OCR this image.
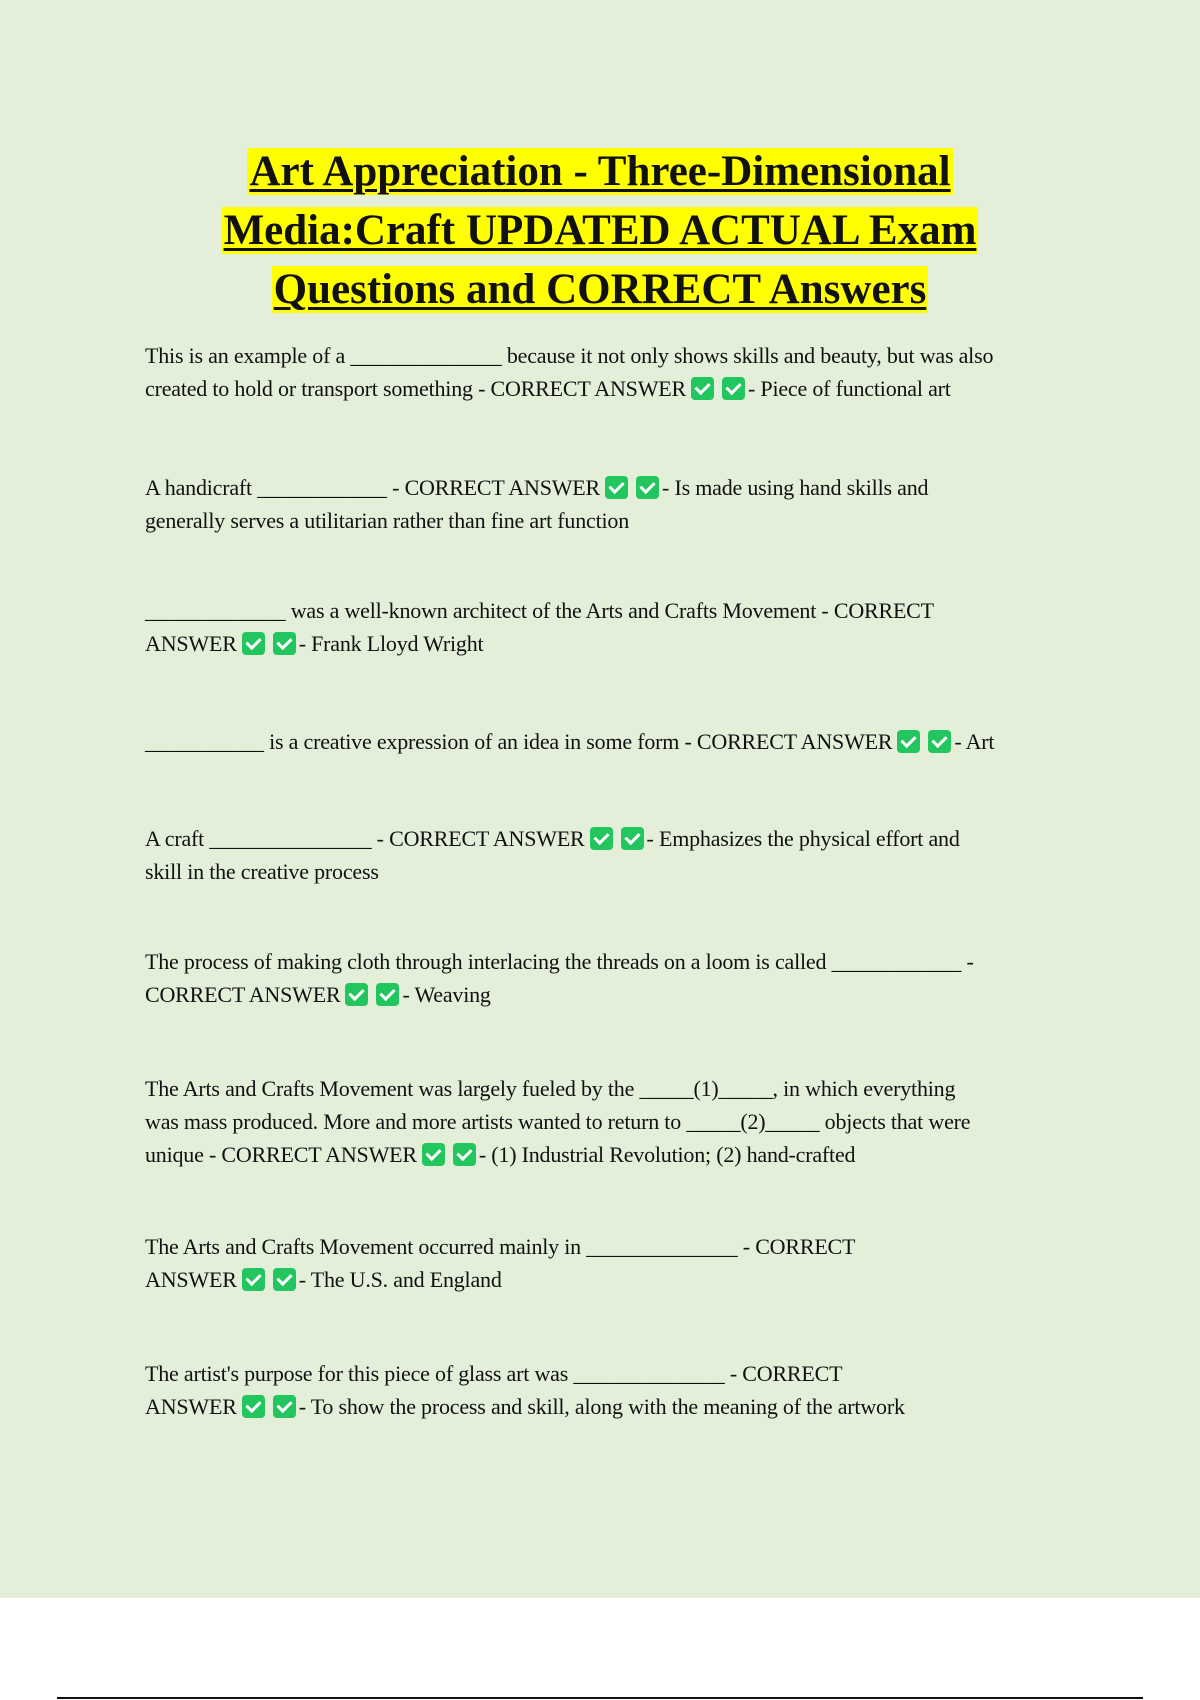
Art Appreciation - Three-Dimensional
Media:Craft UPDATED ACTUAL Exam
Questions and CORRECT Answers

This is an example of a ______________ because it not only shows skills and beauty, but was also
created to hold or transport something - CORRECT ANSWER	- Piece of functional art

A handicraft ____________ - CORRECT ANSWER	- Is made using hand skills and
generally serves a utilitarian rather than fine art function

_____________ was a well-known architect of the Arts and Crafts Movement - CORRECT
ANSWER	- Frank Lloyd Wright

___________ is a creative expression of an idea in some form - CORRECT ANSWER	- Art

A craft _______________ - CORRECT ANSWER	- Emphasizes the physical effort and
skill in the creative process

The process of making cloth through interlacing the threads on a loom is called ____________ -
CORRECT ANSWER	- Weaving

The Arts and Crafts Movement was largely fueled by the _____(1)_____, in which everything
was mass produced. More and more artists wanted to return to _____(2)_____ objects that were
unique - CORRECT ANSWER	- (1) Industrial Revolution; (2) hand-crafted

The Arts and Crafts Movement occurred mainly in ______________ - CORRECT
ANSWER	- The U.S. and England

The artist's purpose for this piece of glass art was ______________ - CORRECT
ANSWER	- To show the process and skill, along with the meaning of the artwork
